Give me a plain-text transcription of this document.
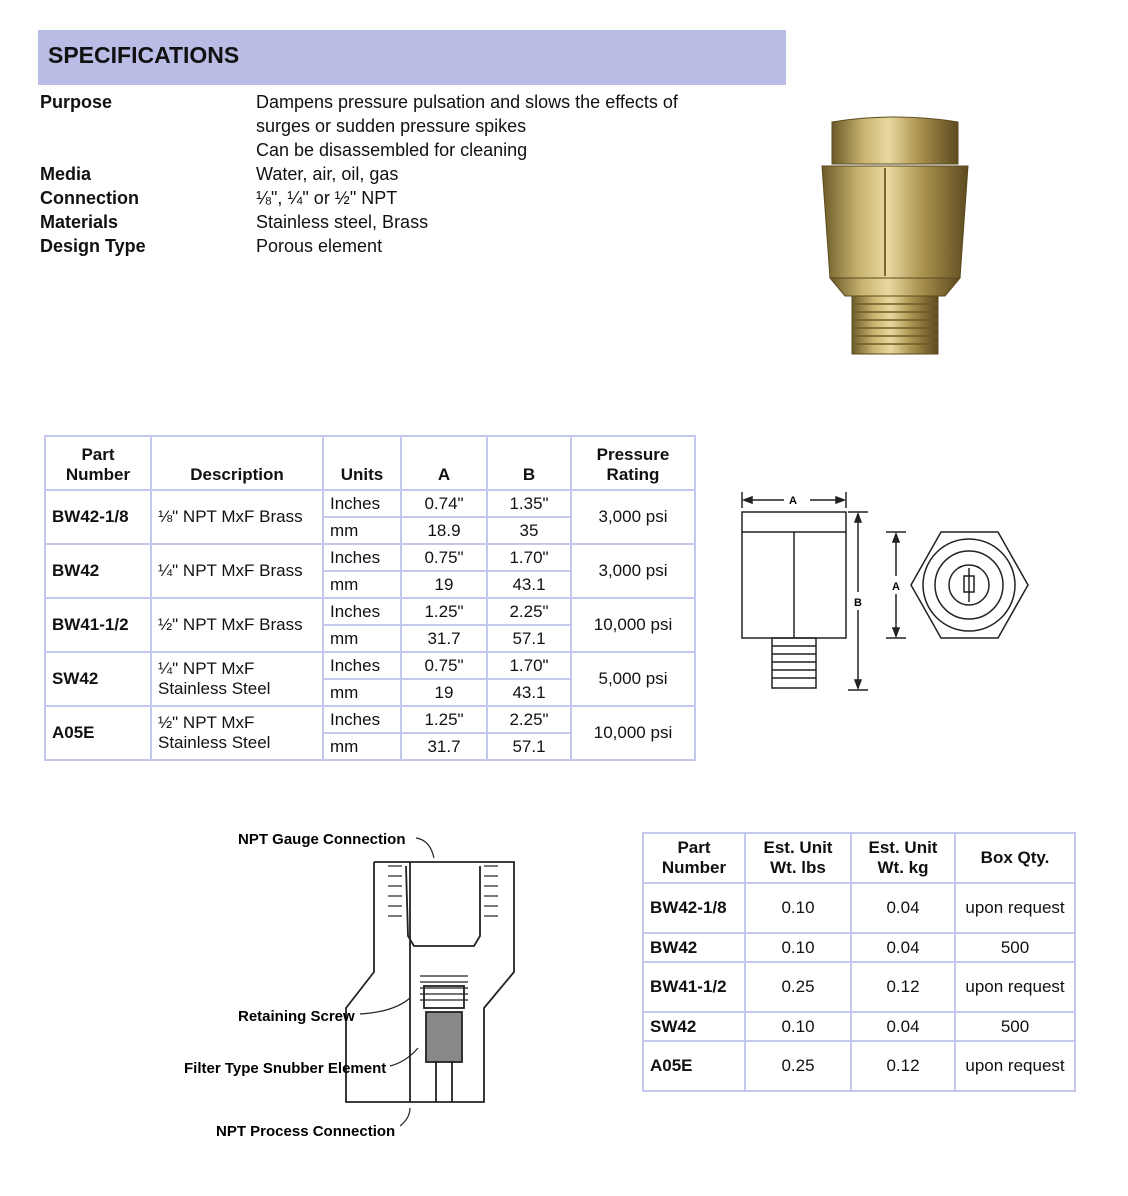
SPECIFICATIONS
Purpose	Dampens pressure pulsation and slows the effects of
surges or sudden pressure spikes
Can be disassembled for cleaning
Media	Water, air, oil, gas
Connection	⅛", ¼" or ½" NPT
Materials	Stainless steel, Brass
Design Type	Porous element
Part Number	Description	Units	A	B	Pressure Rating
BW42-1/8	⅛" NPT MxF Brass	Inches	0.74"	1.35"	3,000 psi
		mm	18.9	35	
BW42	¼" NPT MxF Brass	Inches	0.75"	1.70"	3,000 psi
		mm	19	43.1	
BW41-1/2	½" NPT MxF Brass	Inches	1.25"	2.25"	10,000 psi
		mm	31.7	57.1	
SW42	¼" NPT MxF Stainless Steel	Inches	0.75"	1.70"	5,000 psi
		mm	19	43.1	
A05E	½" NPT MxF Stainless Steel	Inches	1.25"	2.25"	10,000 psi
		mm	31.7	57.1	
A
B
A
NPT Gauge Connection
Retaining Screw
Filter Type Snubber Element
NPT Process Connection
Part Number	Est. Unit Wt. lbs	Est. Unit Wt. kg	Box Qty.
BW42-1/8	0.10	0.04	upon request
BW42	0.10	0.04	500
BW41-1/2	0.25	0.12	upon request
SW42	0.10	0.04	500
A05E	0.25	0.12	upon request
